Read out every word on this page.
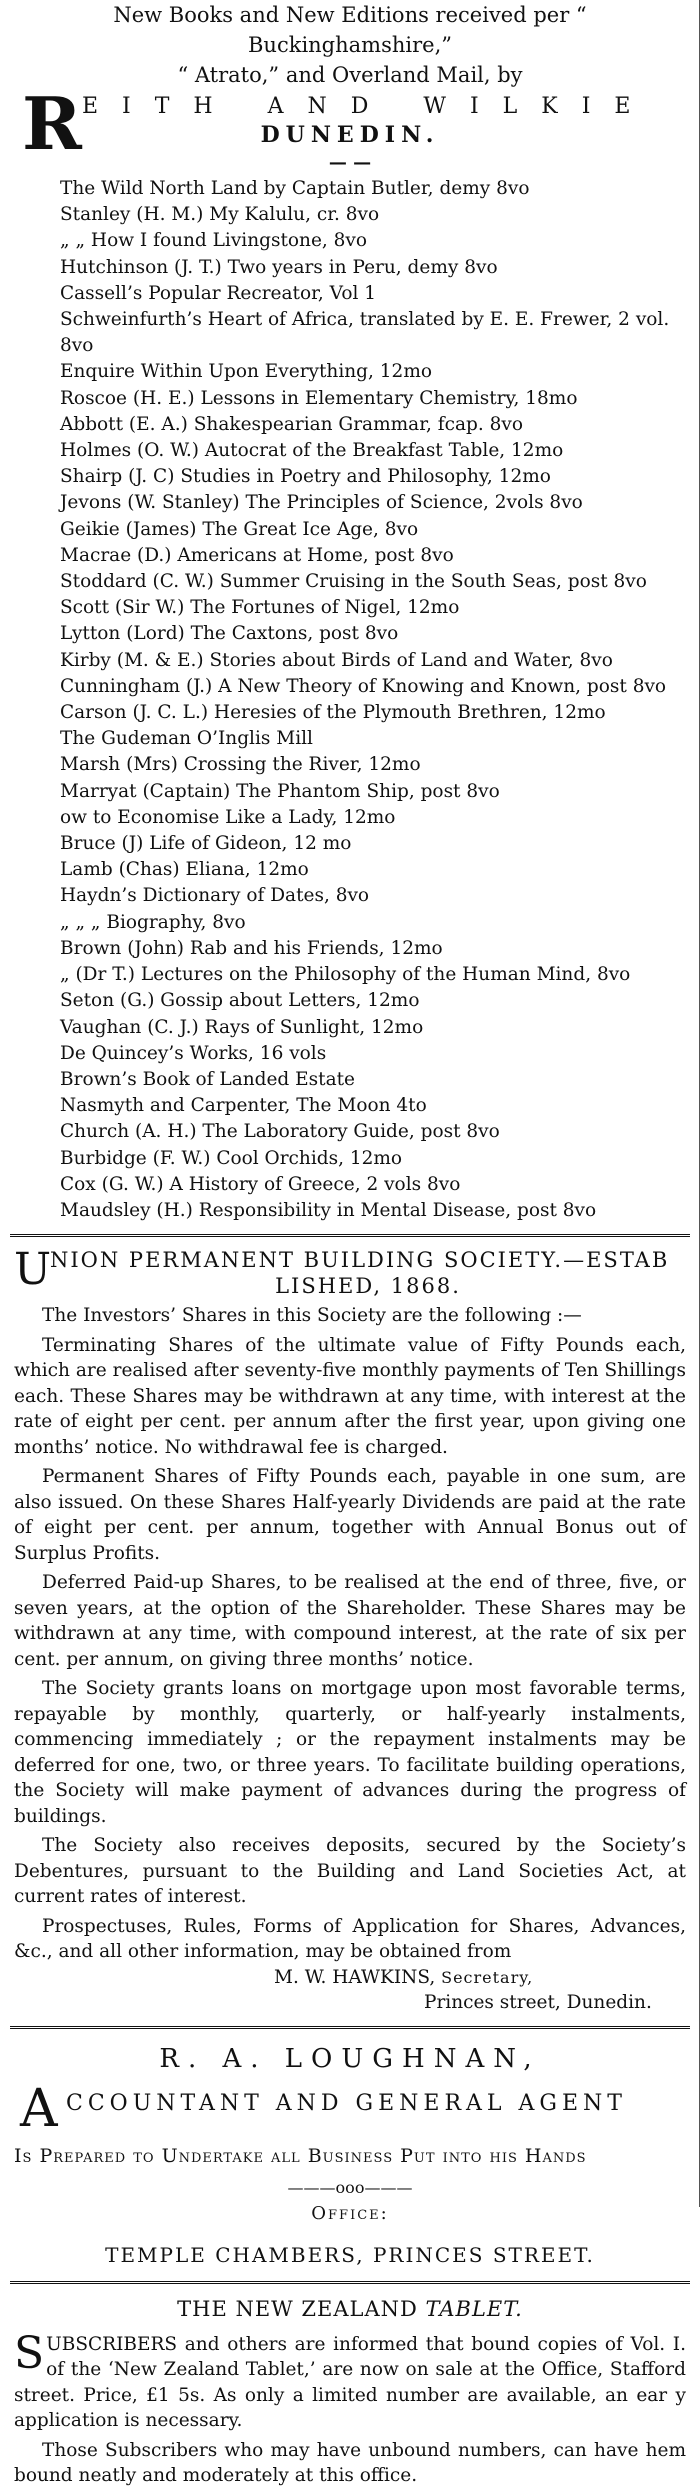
New Books and New Editions received per “ Buckinghamshire,”
“ Atrato,” and Overland Mail, by
R EITH AND WILKIE
DUNEDIN.
— —
The Wild North Land by Captain Butler, demy 8vo
Stanley (H. M.) My Kalulu, cr. 8vo
„ „ How I found Livingstone, 8vo
Hutchinson (J. T.) Two years in Peru, demy 8vo
Cassell’s Popular Recreator, Vol 1
Schweinfurth’s Heart of Africa, translated by E. E. Frewer, 2 vol. 8vo
Enquire Within Upon Everything, 12mo
Roscoe (H. E.) Lessons in Elementary Chemistry, 18mo
Abbott (E. A.) Shakespearian Grammar, fcap. 8vo
Holmes (O. W.) Autocrat of the Breakfast Table, 12mo
Shairp (J. C) Studies in Poetry and Philosophy, 12mo
Jevons (W. Stanley) The Principles of Science, 2vols 8vo
Geikie (James) The Great Ice Age, 8vo
Macrae (D.) Americans at Home, post 8vo
Stoddard (C. W.) Summer Cruising in the South Seas, post 8vo
Scott (Sir W.) The Fortunes of Nigel, 12mo
Lytton (Lord) The Caxtons, post 8vo
Kirby (M. & E.) Stories about Birds of Land and Water, 8vo
Cunningham (J.) A New Theory of Knowing and Known, post 8vo
Carson (J. C. L.) Heresies of the Plymouth Brethren, 12mo
The Gudeman O’Inglis Mill
Marsh (Mrs) Crossing the River, 12mo
Marryat (Captain) The Phantom Ship, post 8vo
ow to Economise Like a Lady, 12mo
Bruce (J) Life of Gideon, 12 mo
Lamb (Chas) Eliana, 12mo
Haydn’s Dictionary of Dates, 8vo
„ „ „ Biography, 8vo
Brown (John) Rab and his Friends, 12mo
„ (Dr T.) Lectures on the Philosophy of the Human Mind, 8vo
Seton (G.) Gossip about Letters, 12mo
Vaughan (C. J.) Rays of Sunlight, 12mo
De Quincey’s Works, 16 vols
Brown’s Book of Landed Estate
Nasmyth and Carpenter, The Moon 4to
Church (A. H.) The Laboratory Guide, post 8vo
Burbidge (F. W.) Cool Orchids, 12mo
Cox (G. W.) A History of Greece, 2 vols 8vo
Maudsley (H.) Responsibility in Mental Disease, post 8vo
U
NION PERMANENT BUILDING SOCIETY.—ESTAB
LISHED, 1868.

The Investors’ Shares in this Society are the following :—

Terminating Shares of the ultimate value of Fifty Pounds each, which are realised after seventy-five monthly payments of Ten Shillings each. These Shares may be withdrawn at any time, with interest at the rate of eight per cent. per annum after the first year, upon giving one months’ notice. No withdrawal fee is charged.

Permanent Shares of Fifty Pounds each, payable in one sum, are also issued. On these Shares Half-yearly Dividends are paid at the rate of eight per cent. per annum, together with Annual Bonus out of Surplus Profits.

Deferred Paid-up Shares, to be realised at the end of three, five, or seven years, at the option of the Shareholder. These Shares may be withdrawn at any time, with compound interest, at the rate of six per cent. per annum, on giving three months’ notice.

The Society grants loans on mortgage upon most favorable terms, repayable by monthly, quarterly, or half-yearly instalments, commencing immediately ; or the repayment instalments may be deferred for one, two, or three years. To facilitate building operations, the Society will make payment of advances during the progress of buildings.

The Society also receives deposits, secured by the Society’s Debentures, pursuant to the Building and Land Societies Act, at current rates of interest.

Prospectuses, Rules, Forms of Application for Shares, Advances, &c., and all other information, may be obtained from

M. W. HAWKINS, Secretary,
Princes street, Dunedin.
R. A. LOUGHNAN,
A CCOUNTANT AND GENERAL AGENT
Is Prepared to Undertake all Business Put into his Hands
———ooo———
Office:
TEMPLE CHAMBERS, PRINCES STREET.
THE NEW ZEALAND TABLET.
SUBSCRIBERS and others are informed that bound copies of Vol. I. of the ‘New Zealand Tablet,’ are now on sale at the Office, Stafford street. Price, £1 5s. As only a limited number are available, an ear y application is necessary.

Those Subscribers who may have unbound numbers, can have hem bound neatly and moderately at this office.
